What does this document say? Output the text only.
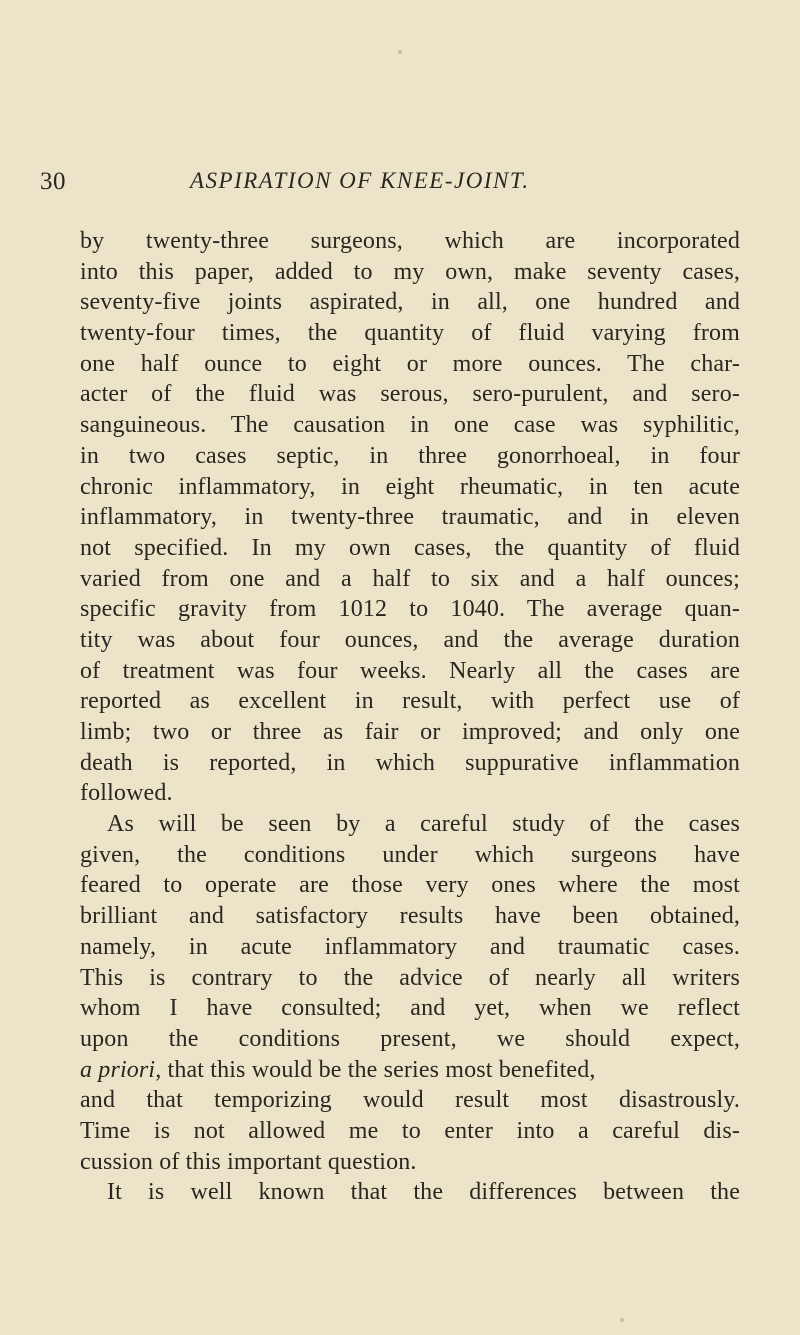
30	ASPIRATION OF KNEE-JOINT.
by twenty-three surgeons, which are incorporated
into this paper, added to my own, make seventy cases,
seventy-five joints aspirated, in all, one hundred and
twenty-four times, the quantity of fluid varying from
one half ounce to eight or more ounces. The char-
acter of the fluid was serous, sero-purulent, and sero-
sanguineous. The causation in one case was syphilitic,
in two cases septic, in three gonorrhoeal, in four
chronic inflammatory, in eight rheumatic, in ten acute
inflammatory, in twenty-three traumatic, and in eleven
not specified. In my own cases, the quantity of fluid
varied from one and a half to six and a half ounces;
specific gravity from 1012 to 1040. The average quan-
tity was about four ounces, and the average duration
of treatment was four weeks. Nearly all the cases are
reported as excellent in result, with perfect use of
limb; two or three as fair or improved; and only one
death is reported, in which suppurative inflammation
followed.
As will be seen by a careful study of the cases
given, the conditions under which surgeons have
feared to operate are those very ones where the most
brilliant and satisfactory results have been obtained,
namely, in acute inflammatory and traumatic cases.
This is contrary to the advice of nearly all writers
whom I have consulted; and yet, when we reflect
upon the conditions present, we should expect,
a priori, that this would be the series most benefited,
and that temporizing would result most disastrously.
Time is not allowed me to enter into a careful dis-
cussion of this important question.
It is well known that the differences between the
